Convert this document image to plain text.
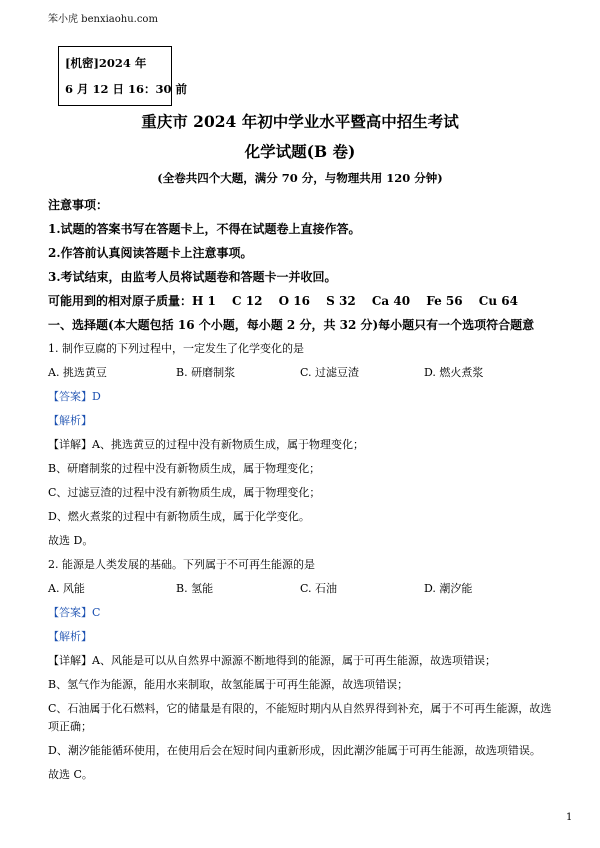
笨小虎 benxiaohu.com
[机密]2024 年
6 月 12 日 16：30 前
重庆市 2024 年初中学业水平暨高中招生考试
化学试题(B 卷)
(全卷共四个大题，满分 70 分，与物理共用 120 分钟)
注意事项：
1.试题的答案书写在答题卡上，不得在试题卷上直接作答。
2.作答前认真阅读答题卡上注意事项。
3.考试结束，由监考人员将试题卷和答题卡一并收回。
可能用到的相对原子质量：H 1　 C 12　 O 16　 S 32　 Ca 40　 Fe 56　 Cu 64
一、选择题(本大题包括 16 个小题，每小题 2 分，共 32 分)每小题只有一个选项符合题意
1. 制作豆腐的下列过程中，一定发生了化学变化的是
A. 挑选黄豆	B. 研磨制浆	C. 过滤豆渣	D. 燃火煮浆
【答案】D
【解析】
【详解】A、挑选黄豆的过程中没有新物质生成，属于物理变化；
B、研磨制浆的过程中没有新物质生成，属于物理变化；
C、过滤豆渣的过程中没有新物质生成，属于物理变化；
D、燃火煮浆的过程中有新物质生成，属于化学变化。
故选 D。
2. 能源是人类发展的基础。下列属于不可再生能源的是
A. 风能	B. 氢能	C. 石油	D. 潮汐能
【答案】C
【解析】
【详解】A、风能是可以从自然界中源源不断地得到的能源，属于可再生能源，故选项错误；
B、氢气作为能源，能用水来制取，故氢能属于可再生能源，故选项错误；
C、石油属于化石燃料，它的储量是有限的，不能短时期内从自然界得到补充，属于不可再生能源，故选
项正确；
D、潮汐能能循环使用，在使用后会在短时间内重新形成，因此潮汐能属于可再生能源，故选项错误。
故选 C。
1
